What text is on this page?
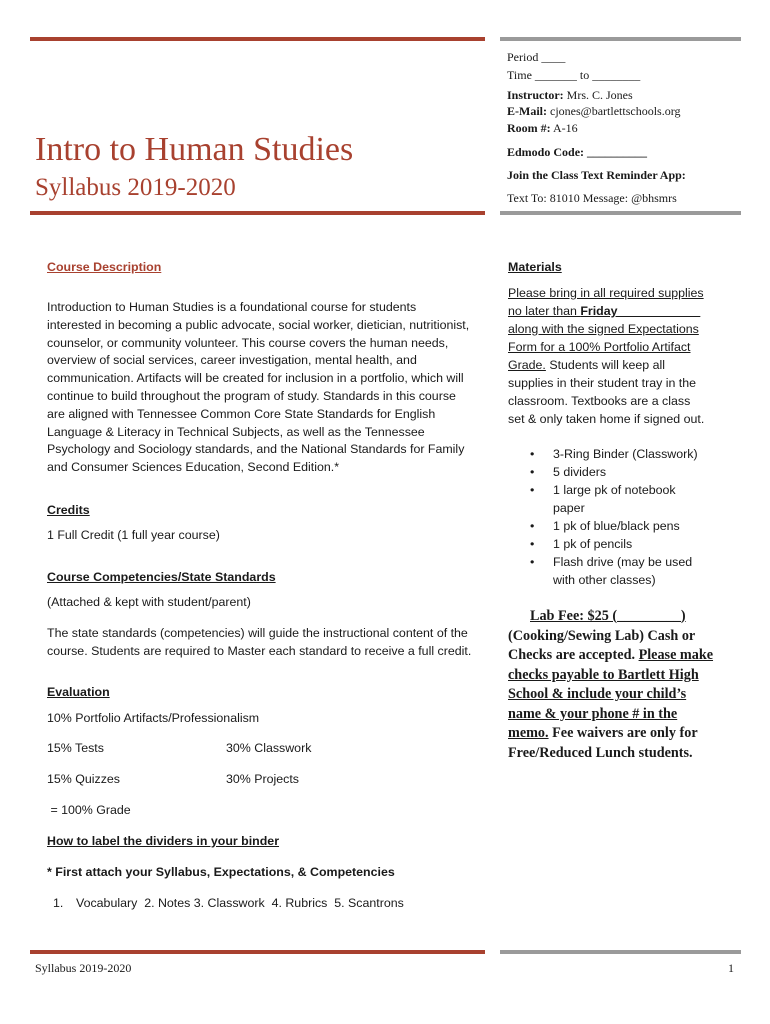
Intro to Human Studies
Syllabus 2019-2020
Period ____
Time _______ to ________
Instructor: Mrs. C. Jones
E-Mail: cjones@bartlettschools.org
Room #: A-16
Edmodo Code: __________
Join the Class Text Reminder App:
Text To: 81010 Message: @bhsmrs
Course Description
Introduction to Human Studies is a foundational course for students
interested in becoming a public advocate, social worker, dietician, nutritionist,
counselor, or community volunteer. This course covers the human needs,
overview of social services, career investigation, mental health, and
communication. Artifacts will be created for inclusion in a portfolio, which will
continue to build throughout the program of study. Standards in this course
are aligned with Tennessee Common Core State Standards for English
Language & Literacy in Technical Subjects, as well as the Tennessee
Psychology and Sociology standards, and the National Standards for Family
and Consumer Sciences Education, Second Edition.*
Credits
1 Full Credit (1 full year course)
Course Competencies/State Standards
(Attached & kept with student/parent)
The state standards (competencies) will guide the instructional content of the
course. Students are required to Master each standard to receive a full credit.
Evaluation
10% Portfolio Artifacts/Professionalism
15% Tests	30% Classwork
15% Quizzes	30% Projects
= 100% Grade
How to label the dividers in your binder
* First attach your Syllabus, Expectations, & Competencies
1. Vocabulary  2. Notes 3. Classwork  4. Rubrics  5. Scantrons
Materials
Please bring in all required supplies
no later than Friday____________
along with the signed Expectations
Form for a 100% Portfolio Artifact
Grade. Students will keep all
supplies in their student tray in the
classroom. Textbooks are a class
set & only taken home if signed out.
• 3-Ring Binder (Classwork)
• 5 dividers
• 1 large pk of notebook
paper
• 1 pk of blue/black pens
• 1 pk of pencils
• Flash drive (may be used
with other classes)
Lab Fee: $25 (_________)
(Cooking/Sewing Lab) Cash or
Checks are accepted. Please make
checks payable to Bartlett High
School & include your child’s
name & your phone # in the
memo. Fee waivers are only for
Free/Reduced Lunch students.
Syllabus 2019-2020	1
